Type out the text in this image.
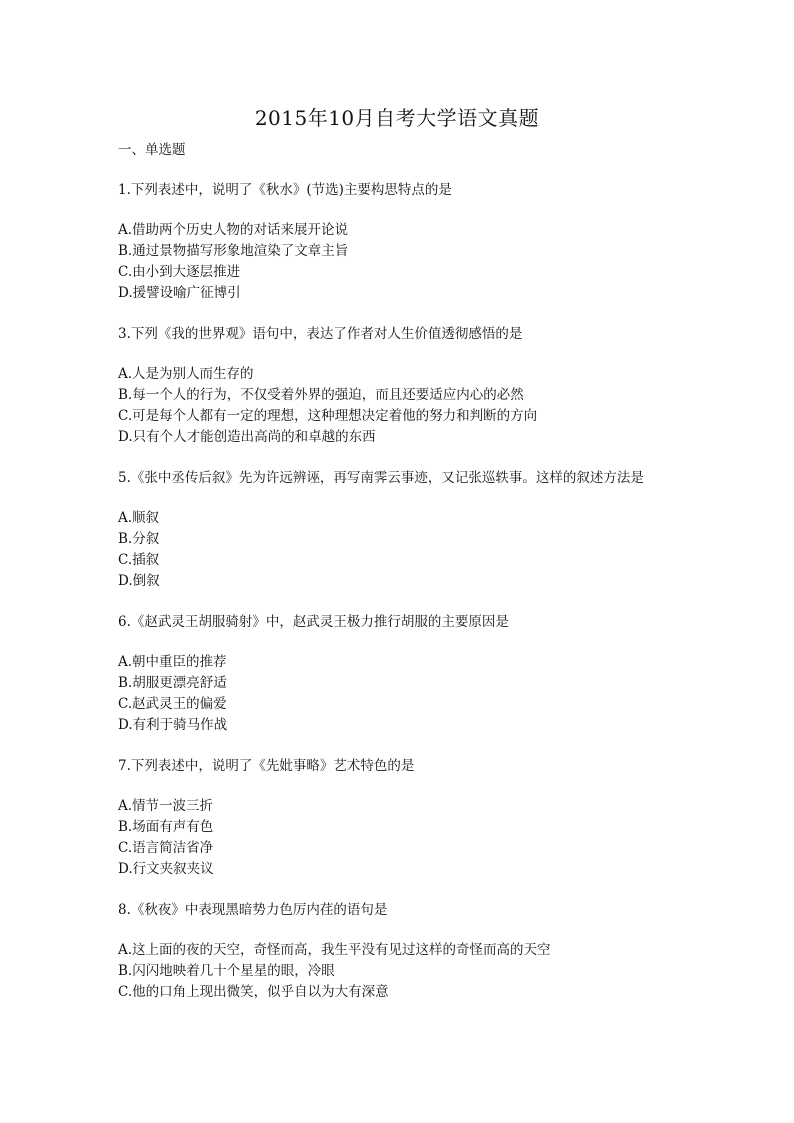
2015年10月自考大学语文真题
一、单选题
1.下列表述中，说明了《秋水》(节选)主要构思特点的是
A.借助两个历史人物的对话来展开论说
B.通过景物描写形象地渲染了文章主旨
C.由小到大逐层推进
D.援譬设喻广征博引
3.下列《我的世界观》语句中，表达了作者对人生价值透彻感悟的是
A.人是为别人而生存的
B.每一个人的行为，不仅受着外界的强迫，而且还要适应内心的必然
C.可是每个人都有一定的理想，这种理想决定着他的努力和判断的方向
D.只有个人才能创造出高尚的和卓越的东西
5.《张中丞传后叙》先为许远辨诬，再写南霁云事迹，又记张巡轶事。这样的叙述方法是
A.顺叙
B.分叙
C.插叙
D.倒叙
6.《赵武灵王胡服骑射》中，赵武灵王极力推行胡服的主要原因是
A.朝中重臣的推荐
B.胡服更漂亮舒适
C.赵武灵王的偏爱
D.有利于骑马作战
7.下列表述中，说明了《先妣事略》艺术特色的是
A.情节一波三折
B.场面有声有色
C.语言简洁省净
D.行文夹叙夹议
8.《秋夜》中表现黑暗势力色厉内荏的语句是
A.这上面的夜的天空，奇怪而高，我生平没有见过这样的奇怪而高的天空
B.闪闪地映着几十个星星的眼，冷眼
C.他的口角上现出微笑，似乎自以为大有深意
